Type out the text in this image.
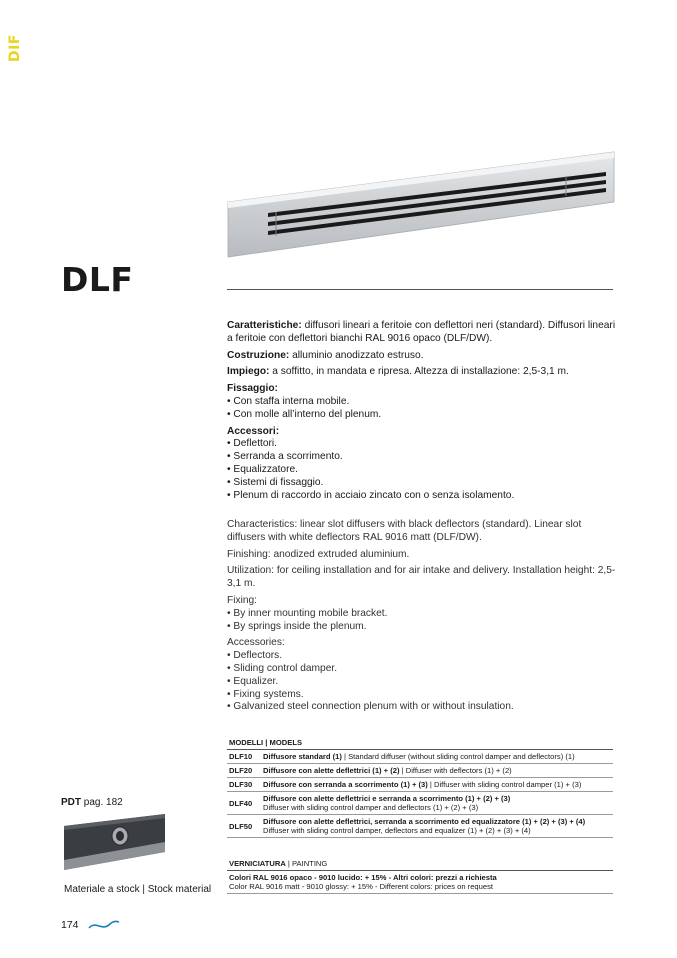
DIF
DLF

Caratteristiche: diffusori lineari a feritoie con deflettori neri (standard). Diffusori lineari a feritoie con deflettori bianchi RAL 9016 opaco (DLF/DW).

Costruzione: alluminio anodizzato estruso.

Impiego: a soffitto, in mandata e ripresa. Altezza di installazione: 2,5-3,1 m.

Fissaggio:

• Con staffa interna mobile.
• Con molle all’interno del plenum.

Accessori:

• Deflettori.
• Serranda a scorrimento.
• Equalizzatore.
• Sistemi di fissaggio.
• Plenum di raccordo in acciaio zincato con o senza isolamento.

Characteristics: linear slot diffusers with black deflectors (standard). Linear slot diffusers with white deflectors RAL 9016 matt (DLF/DW).

Finishing: anodized extruded aluminium.

Utilization: for ceiling installation and for air intake and delivery. Installation height: 2,5-3,1 m.

Fixing:

• By inner mounting mobile bracket.
• By springs inside the plenum.

Accessories:

• Deflectors.
• Sliding control damper.
• Equalizer.
• Fixing systems.
• Galvanized steel connection plenum with or without insulation.
MODELLI | MODELS	
DLF10	Diffusore standard (1) | Standard diffuser (without sliding control damper and deflectors) (1)
DLF20	Diffusore con alette deflettrici (1) + (2) | Diffuser with deflectors (1) + (2)
DLF30	Diffusore con serranda a scorrimento (1) + (3) | Diffuser with sliding control damper (1) + (3)
DLF40	Diffusore con alette deflettrici e serranda a scorrimento (1) + (2) + (3)
Diffuser with sliding control damper and deflectors (1) + (2) + (3)
DLF50	Diffusore con alette deflettrici, serranda a scorrimento ed equalizzatore (1) + (2) + (3) + (4)
Diffuser with sliding control damper, deflectors and equalizer (1) + (2) + (3) + (4)
VERNICIATURA | PAINTING
Colori RAL 9016 opaco - 9010 lucido: + 15% - Altri colori: prezzi a richiesta
Color RAL 9016 matt - 9010 glossy: + 15% - Different colors: prices on request
PDT pag. 182
Materiale a stock | Stock material
174
